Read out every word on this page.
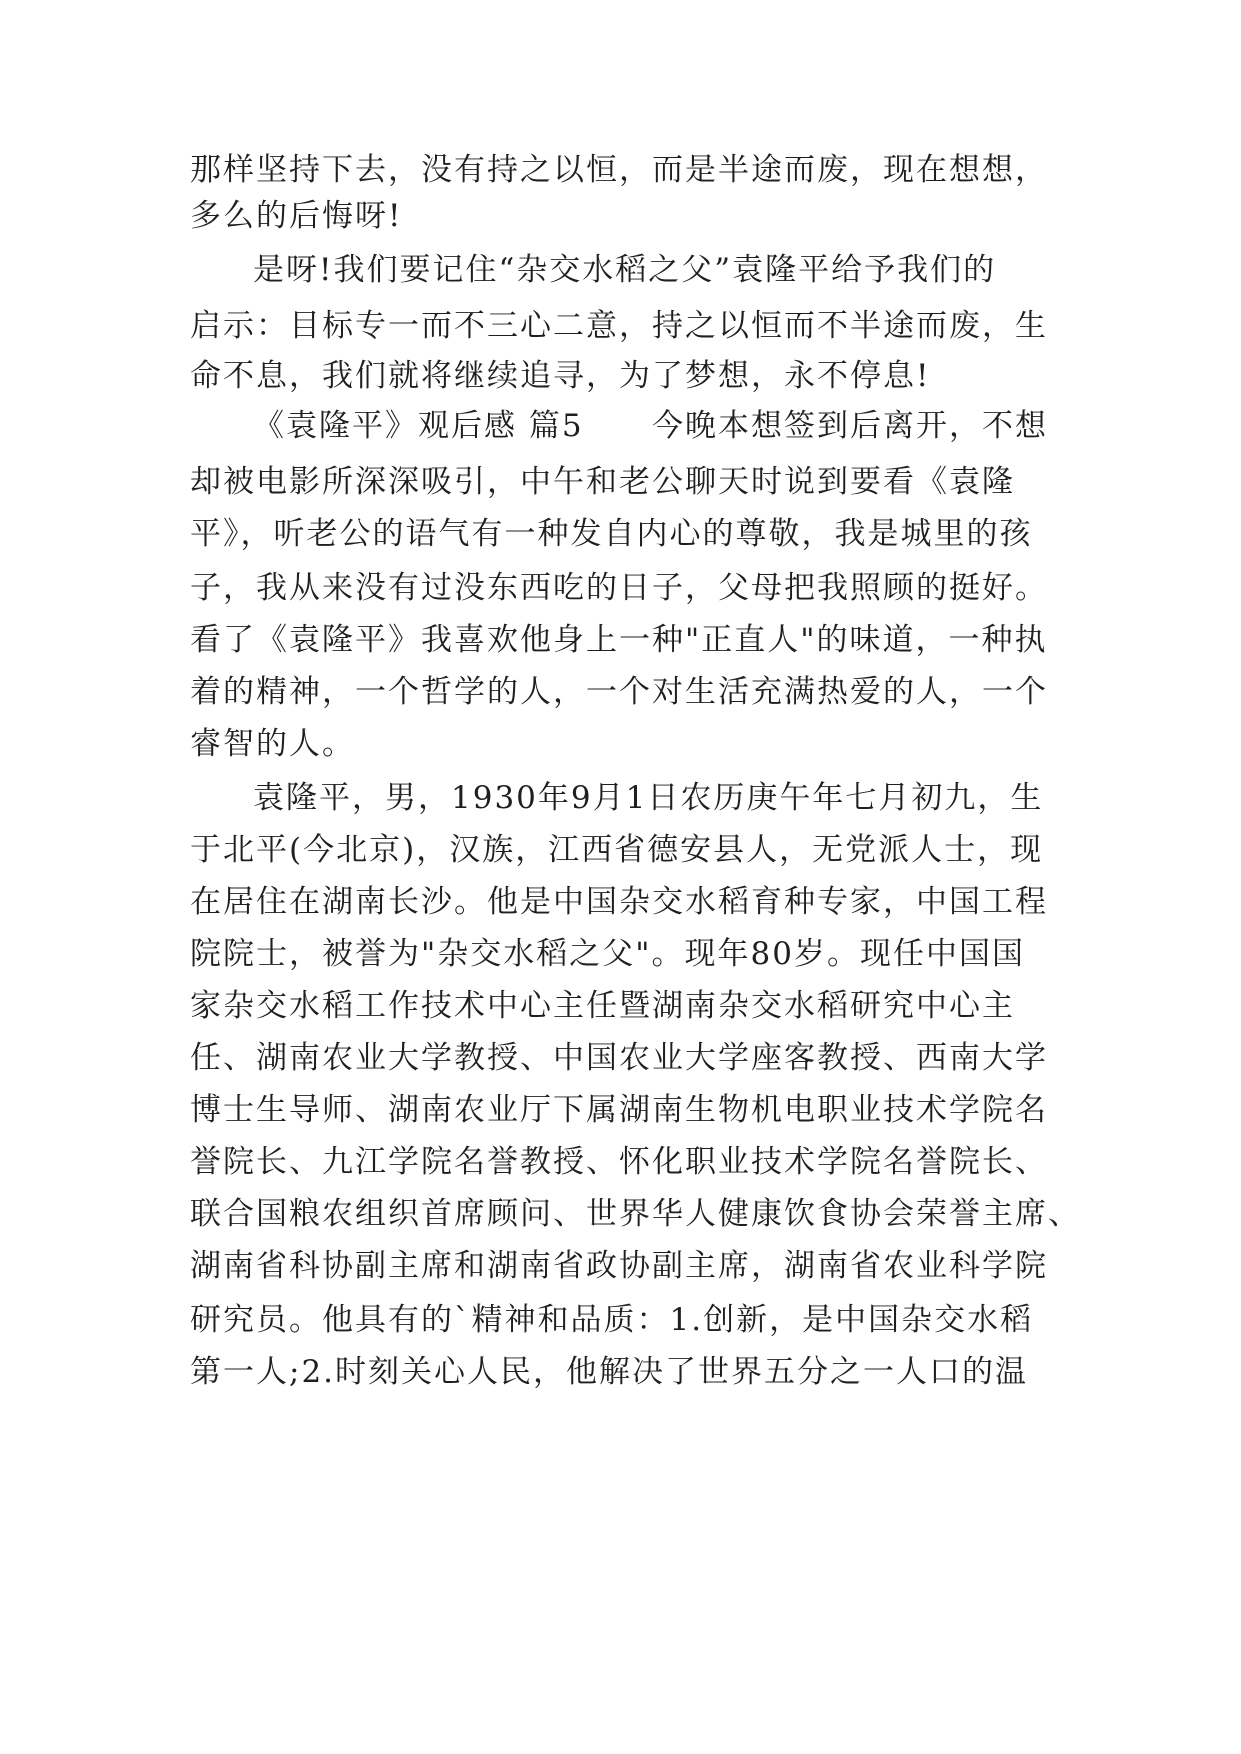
那样坚持下去，没有持之以恒，而是半途而废，现在想想，
多么的后悔呀!
是呀!我们要记住“杂交水稻之父”袁隆平给予我们的
启示：目标专一而不三心二意，持之以恒而不半途而废，生
命不息，我们就将继续追寻，为了梦想，永不停息!
《袁隆平》观后感 篇5 今晚本想签到后离开，不想
却被电影所深深吸引，中午和老公聊天时说到要看《袁隆
平》，听老公的语气有一种发自内心的尊敬，我是城里的孩
子，我从来没有过没东西吃的日子，父母把我照顾的挺好。
看了《袁隆平》我喜欢他身上一种"正直人"的味道，一种执
着的精神，一个哲学的人，一个对生活充满热爱的人，一个
睿智的人。
袁隆平，男，1930年9月1日农历庚午年七月初九，生
于北平(今北京)，汉族，江西省德安县人，无党派人士，现
在居住在湖南长沙。他是中国杂交水稻育种专家，中国工程
院院士，被誉为"杂交水稻之父"。现年80岁。现任中国国
家杂交水稻工作技术中心主任暨湖南杂交水稻研究中心主
任、湖南农业大学教授、中国农业大学座客教授、西南大学
博士生导师、湖南农业厅下属湖南生物机电职业技术学院名
誉院长、九江学院名誉教授、怀化职业技术学院名誉院长、
联合国粮农组织首席顾问、世界华人健康饮食协会荣誉主席、
湖南省科协副主席和湖南省政协副主席，湖南省农业科学院
研究员。他具有的`精神和品质：1.创新，是中国杂交水稻
第一人;2.时刻关心人民，他解决了世界五分之一人口的温
